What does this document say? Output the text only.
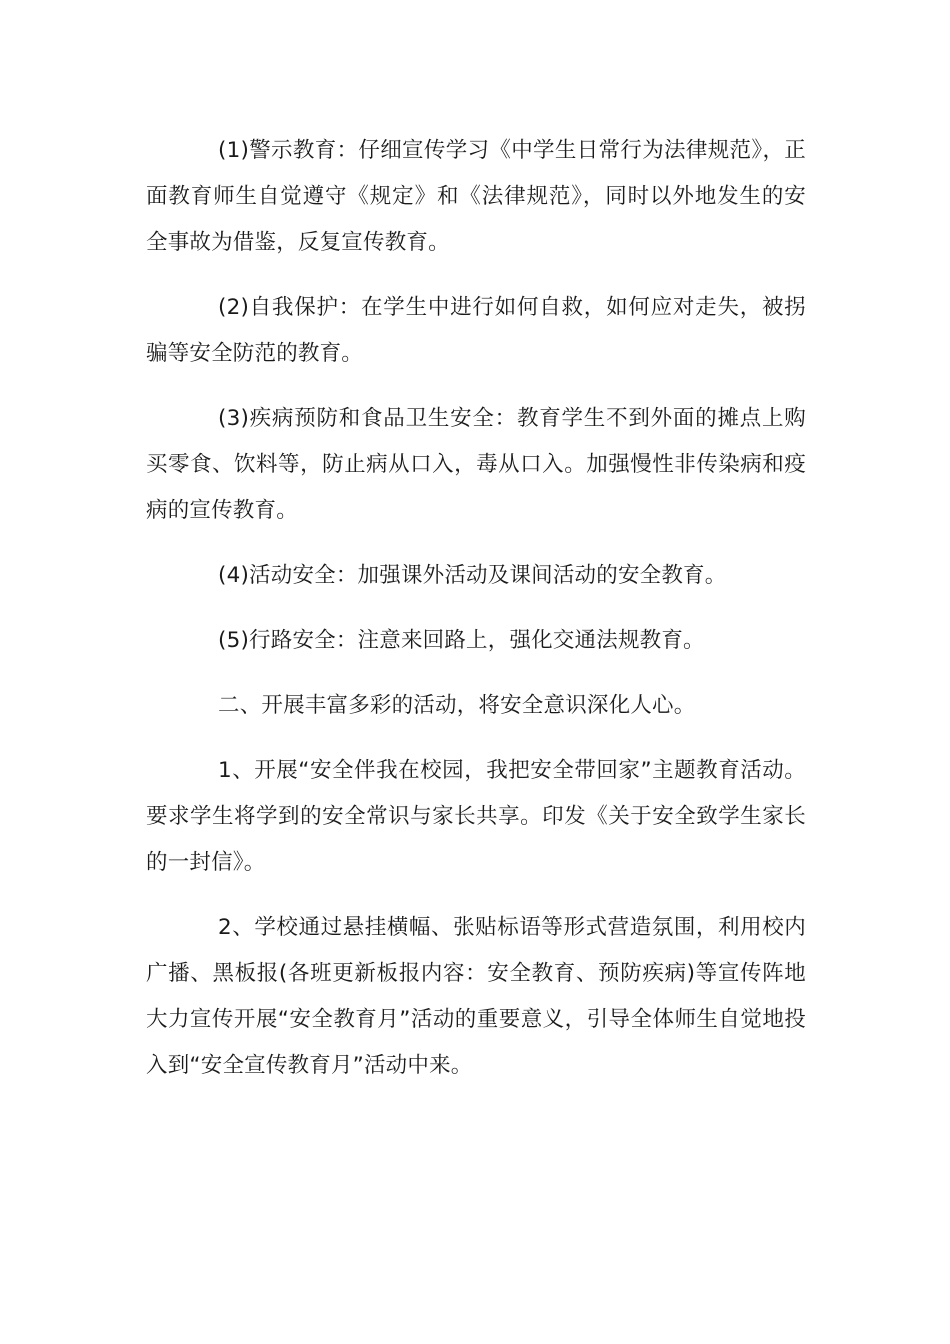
(1)警示教育：仔细宣传学习《中学生日常行为法律规范》，正面教育师生自觉遵守《规定》和《法律规范》，同时以外地发生的安全事故为借鉴，反复宣传教育。

(2)自我保护：在学生中进行如何自救，如何应对走失，被拐骗等安全防范的教育。

(3)疾病预防和食品卫生安全：教育学生不到外面的摊点上购买零食、饮料等，防止病从口入，毒从口入。加强慢性非传染病和疫病的宣传教育。

(4)活动安全：加强课外活动及课间活动的安全教育。

(5)行路安全：注意来回路上，强化交通法规教育。

二、开展丰富多彩的活动，将安全意识深化人心。

1、开展“安全伴我在校园，我把安全带回家”主题教育活动。要求学生将学到的安全常识与家长共享。印发《关于安全致学生家长的一封信》。

2、学校通过悬挂横幅、张贴标语等形式营造氛围，利用校内广播、黑板报(各班更新板报内容：安全教育、预防疾病)等宣传阵地大力宣传开展“安全教育月”活动的重要意义，引导全体师生自觉地投入到“安全宣传教育月”活动中来。
